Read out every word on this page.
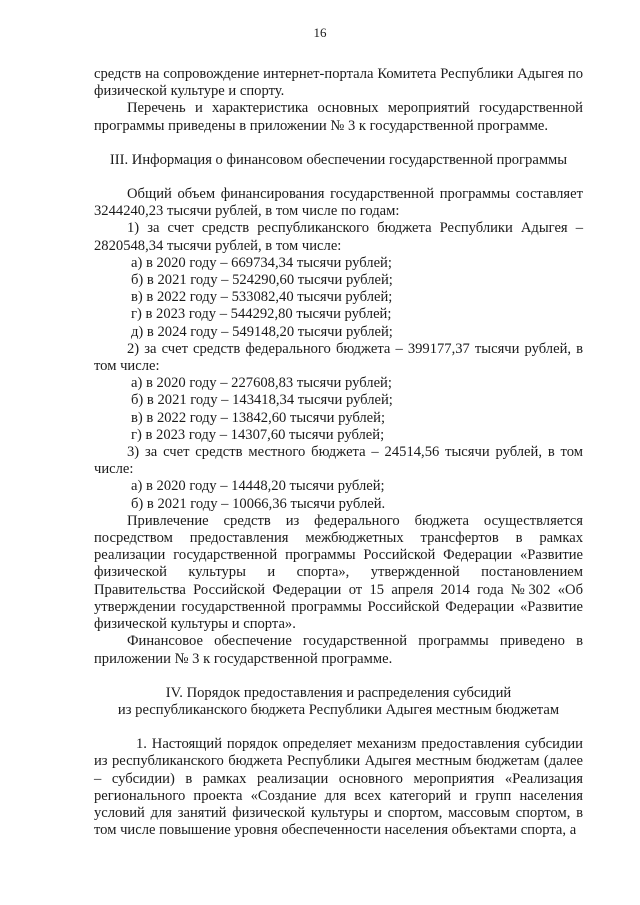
16

средств на сопровождение интернет-портала Комитета Республики Адыгея по физической культуре и спорту.

Перечень и характеристика основных мероприятий государственной программы приведены в приложении № 3 к государственной программе.

III. Информация о финансовом обеспечении государственной программы

Общий объем финансирования государственной программы составляет 3244240,23 тысячи рублей, в том числе по годам:

1) за счет средств республиканского бюджета Республики Адыгея – 2820548,34 тысячи рублей, в том числе:

а) в 2020 году – 669734,34 тысячи рублей;

б) в 2021 году – 524290,60 тысячи рублей;

в) в 2022 году – 533082,40 тысячи рублей;

г) в 2023 году – 544292,80 тысячи рублей;

д) в 2024 году – 549148,20 тысячи рублей;

2) за счет средств федерального бюджета – 399177,37 тысячи рублей, в том числе:

а) в 2020 году – 227608,83 тысячи рублей;

б) в 2021 году – 143418,34 тысячи рублей;

в) в 2022 году – 13842,60 тысячи рублей;

г) в 2023 году – 14307,60 тысячи рублей;

3) за счет средств местного бюджета – 24514,56 тысячи рублей, в том числе:

а) в 2020 году – 14448,20 тысячи рублей;

б) в 2021 году – 10066,36 тысячи рублей.

Привлечение средств из федерального бюджета осуществляется посредством предоставления межбюджетных трансфертов в рамках реализации государственной программы Российской Федерации «Развитие физической культуры и спорта», утвержденной постановлением Правительства Российской Федерации от 15 апреля 2014 года №302 «Об утверждении государственной программы Российской Федерации «Развитие физической культуры и спорта».

Финансовое обеспечение государственной программы приведено в приложении № 3 к государственной программе.

IV. Порядок предоставления и распределения субсидий
из республиканского бюджета Республики Адыгея местным бюджетам

1. Настоящий порядок определяет механизм предоставления субсидии из республиканского бюджета Республики Адыгея местным бюджетам (далее – субсидии) в рамках реализации основного мероприятия «Реализация регионального проекта «Создание для всех категорий и групп населения условий для занятий физической культуры и спортом, массовым спортом, в том числе повышение уровня обеспеченности населения объектами спорта, а
